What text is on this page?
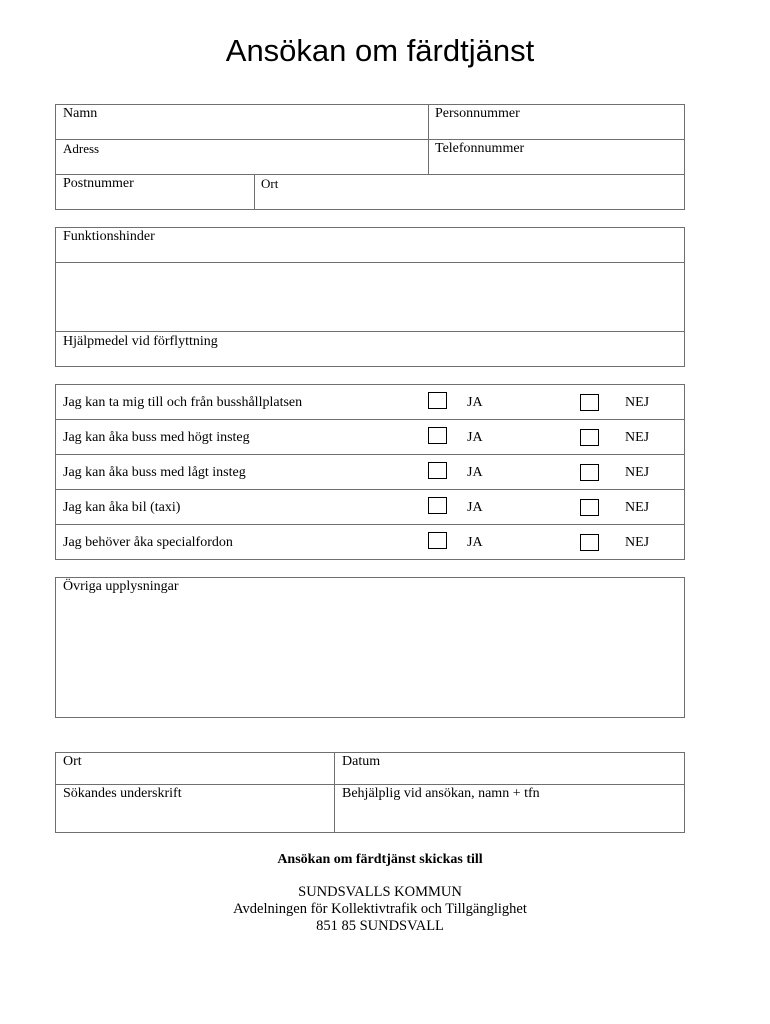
Ansökan om färdtjänst
Namn	Personnummer
Adress	Telefonnummer
Postnummer	Ort
Funktionshinder
Hjälpmedel vid förflyttning
Jag kan ta mig till och från busshållplatsen	JA	NEJ
Jag kan åka buss med högt insteg	JA	NEJ
Jag kan åka buss med lågt insteg	JA	NEJ
Jag kan åka bil (taxi)	JA	NEJ
Jag behöver åka specialfordon	JA	NEJ
Övriga upplysningar
Ort	Datum
Sökandes underskrift	Behjälplig vid ansökan, namn + tfn
Ansökan om färdtjänst skickas till
SUNDSVALLS KOMMUN
Avdelningen för Kollektivtrafik och Tillgänglighet
851 85 SUNDSVALL
